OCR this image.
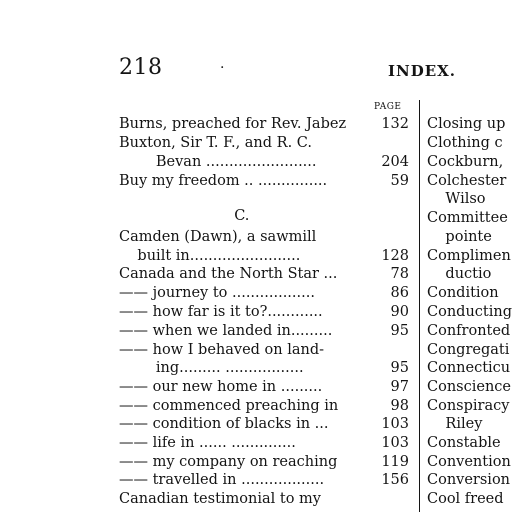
218	·	INDEX.
PAGE
Burns, preached for Rev. Jabez	132
Buxton, Sir T. F., and R. C.
Bevan ........................	204
Buy my freedom .. ...............	59
C.
Camden (Dawn), a sawmill
built in........................	128
Canada and the North Star ...	78
—— journey to ..................	86
—— how far is it to?............	90
—— when we landed in.........	95
—— how I behaved on land-
ing......... .................	95
—— our new home in .........	97
—— commenced preaching in	98
—— condition of blacks in ...	103
—— life in ...... ..............	103
—— my company on reaching	119
—— travelled in ..................	156
Canadian testimonial to my
Closing up
Clothing c
Cockburn,
Colchester
Wilso
Committee
pointe
Complimen
ductio
Condition
Conducting
Confronted
Congregati
Connecticu
Conscience
Conspiracy
Riley
Constable
Convention
Conversion
Cool freed
